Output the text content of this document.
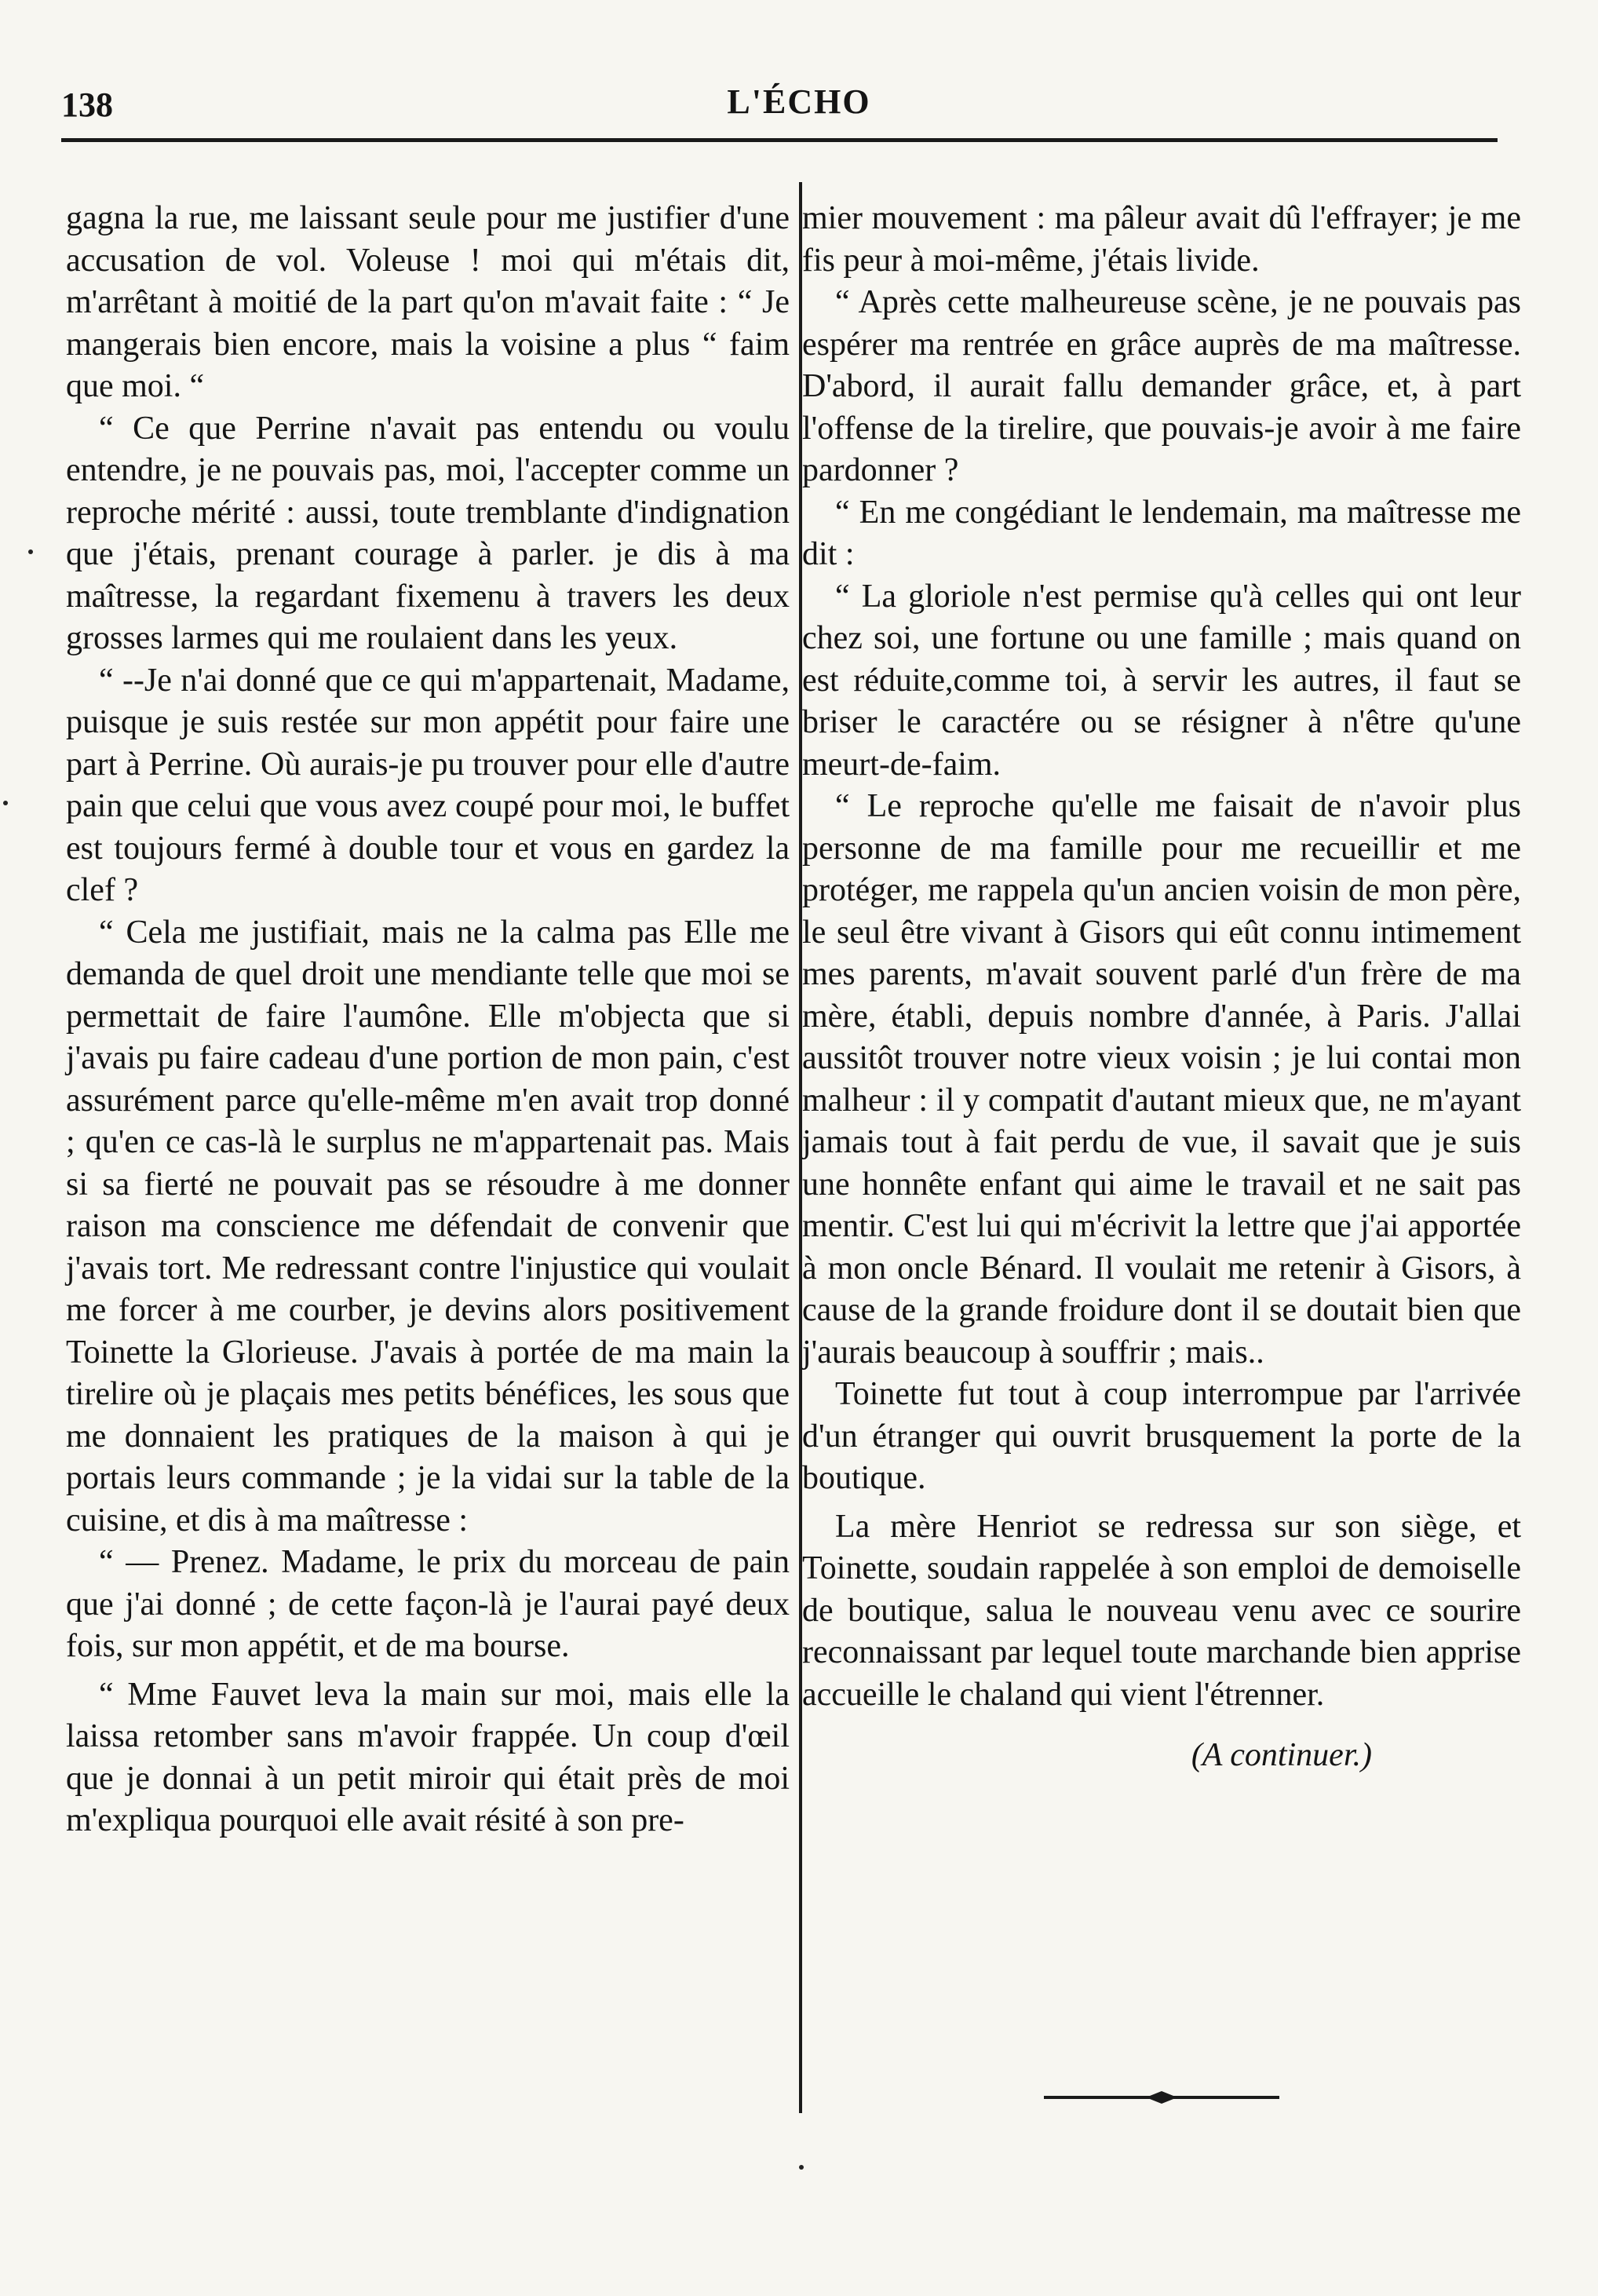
138	L'ÉCHO

gagna la rue, me laissant seule pour me justifier d'une accusation de vol. Voleuse ! moi qui m'étais dit, m'arrêtant à moitié de la part qu'on m'avait faite : “ Je mangerais bien encore, mais la voisine a plus “ faim que moi. “

“ Ce que Perrine n'avait pas entendu ou voulu entendre, je ne pouvais pas, moi, l'accepter comme un reproche mérité : aussi, toute tremblante d'indignation que j'étais, prenant courage à parler. je dis à ma maîtresse, la regardant fixemenu à travers les deux grosses larmes qui me roulaient dans les yeux.

“ --Je n'ai donné que ce qui m'appartenait, Madame, puisque je suis restée sur mon appétit pour faire une part à Perrine. Où aurais-je pu trouver pour elle d'autre pain que celui que vous avez coupé pour moi, le buffet est toujours fermé à double tour et vous en gardez la clef ?

“ Cela me justifiait, mais ne la calma pas Elle me demanda de quel droit une mendiante telle que moi se permettait de faire l'aumône. Elle m'objecta que si j'avais pu faire cadeau d'une portion de mon pain, c'est assurément parce qu'elle-même m'en avait trop donné ; qu'en ce cas-là le surplus ne m'appartenait pas. Mais si sa fierté ne pouvait pas se résoudre à me donner raison ma conscience me défendait de convenir que j'avais tort. Me redressant contre l'injustice qui voulait me forcer à me courber, je devins alors positivement Toinette la Glorieuse. J'avais à portée de ma main la tirelire où je plaçais mes petits bénéfices, les sous que me donnaient les pratiques de la maison à qui je portais leurs commande ; je la vidai sur la table de la cuisine, et dis à ma maîtresse :

“ — Prenez. Madame, le prix du morceau de pain que j'ai donné ; de cette façon-là je l'aurai payé deux fois, sur mon appétit, et de ma bourse.

“ Mme Fauvet leva la main sur moi, mais elle la laissa retomber sans m'avoir frappée. Un coup d'œil que je donnai à un petit miroir qui était près de moi m'expliqua pourquoi elle avait résité à son pre-

mier mouvement : ma pâleur avait dû l'effrayer; je me fis peur à moi-même, j'étais livide.

“ Après cette malheureuse scène, je ne pouvais pas espérer ma rentrée en grâce auprès de ma maîtresse. D'abord, il aurait fallu demander grâce, et, à part l'offense de la tirelire, que pouvais-je avoir à me faire pardonner ?

“ En me congédiant le lendemain, ma maîtresse me dit :

“ La gloriole n'est permise qu'à celles qui ont leur chez soi, une fortune ou une famille ; mais quand on est réduite,comme toi, à servir les autres, il faut se briser le caractére ou se résigner à n'être qu'une meurt-de-faim.

“ Le reproche qu'elle me faisait de n'avoir plus personne de ma famille pour me recueillir et me protéger, me rappela qu'un ancien voisin de mon père, le seul être vivant à Gisors qui eût connu intimement mes parents, m'avait souvent parlé d'un frère de ma mère, établi, depuis nombre d'année, à Paris. J'allai aussitôt trouver notre vieux voisin ; je lui contai mon malheur : il y compatit d'autant mieux que, ne m'ayant jamais tout à fait perdu de vue, il savait que je suis une honnête enfant qui aime le travail et ne sait pas mentir. C'est lui qui m'écrivit la lettre que j'ai apportée à mon oncle Bénard. Il voulait me retenir à Gisors, à cause de la grande froidure dont il se doutait bien que j'aurais beaucoup à souffrir ; mais..

Toinette fut tout à coup interrompue par l'arrivée d'un étranger qui ouvrit brusquement la porte de la boutique.

La mère Henriot se redressa sur son siège, et Toinette, soudain rappelée à son emploi de demoiselle de boutique, salua le nouveau venu avec ce sourire reconnaissant par lequel toute marchande bien apprise accueille le chaland qui vient l'étrenner.

(A continuer.)
